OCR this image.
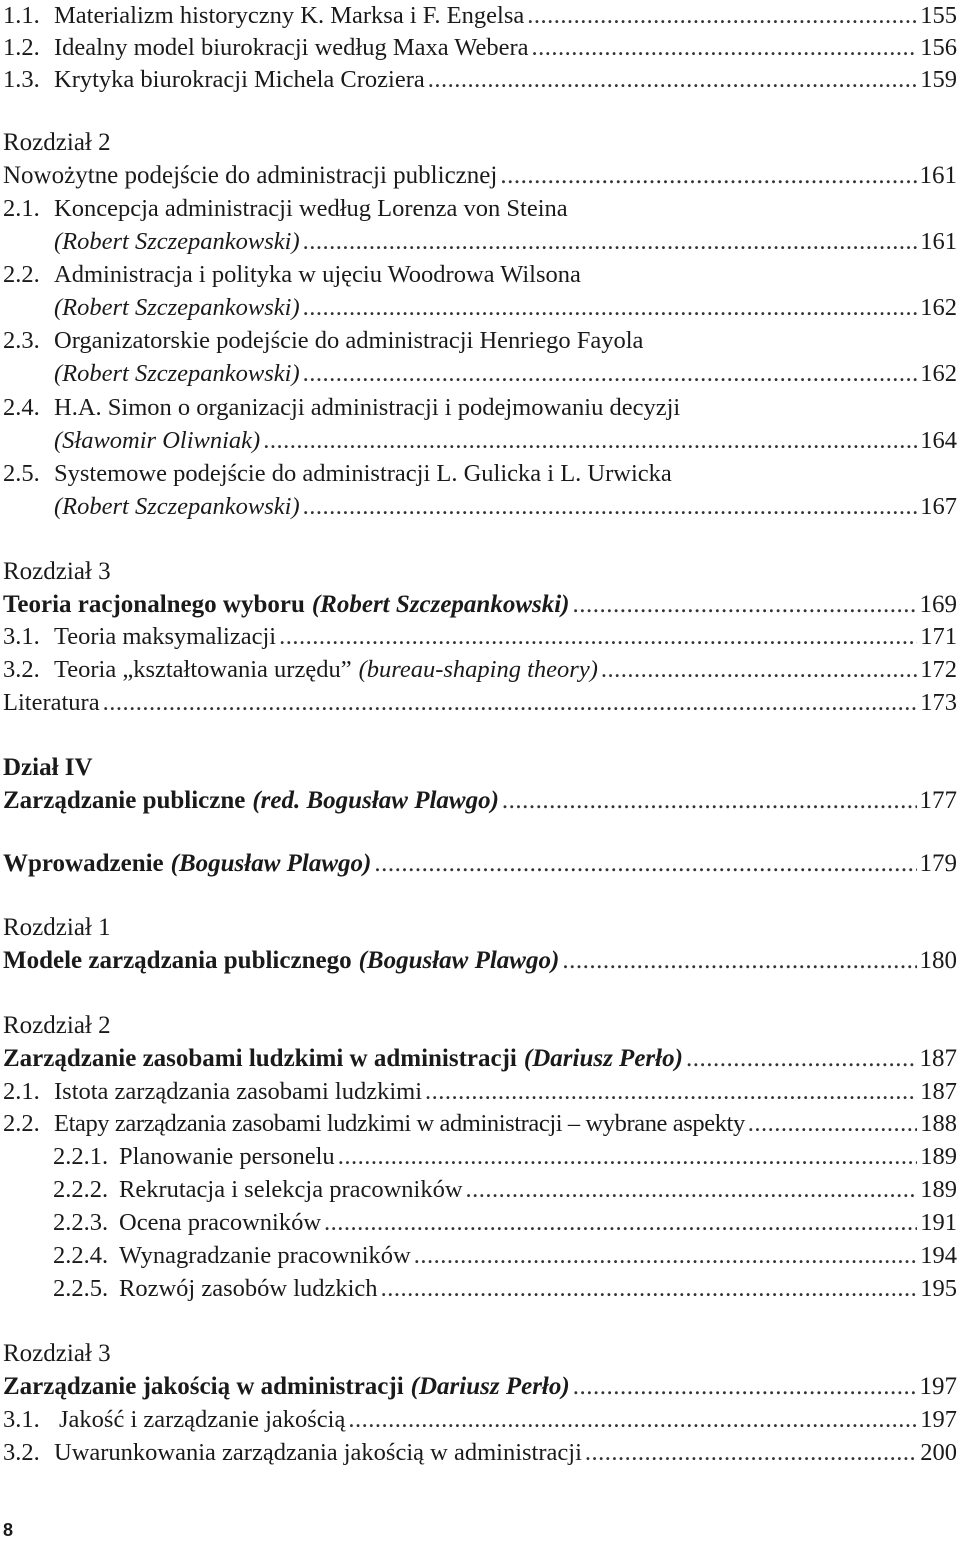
1.1. Materializm historyczny K. Marksa i F. Engelsa .....	155
1.2. Idealny model biurokracji według Maxa Webera .....	156
1.3. Krytyka biurokracji Michela Croziera .....	159
Rozdział 2
Nowożytne podejście do administracji publicznej .....	161
2.1. Koncepcja administracji według Lorenza von Steina
(Robert Szczepankowski) .....	161
2.2. Administracja i polityka w ujęciu Woodrowa Wilsona
(Robert Szczepankowski) .....	162
2.3. Organizatorskie podejście do administracji Henriego Fayola
(Robert Szczepankowski) .....	162
2.4. H.A. Simon o organizacji administracji i podejmowaniu decyzji
(Sławomir Oliwniak) .....	164
2.5. Systemowe podejście do administracji L. Gulicka i L. Urwicka
(Robert Szczepankowski) .....	167
Rozdział 3
Teoria racjonalnego wyboru (Robert Szczepankowski) .....	169
3.1. Teoria maksymalizacji .....	171
3.2. Teoria „kształtowania urzędu” (bureau-shaping theory) .....	172
Literatura .....	173
Dział IV
Zarządzanie publiczne (red. Bogusław Plawgo) .....	177
Wprowadzenie (Bogusław Plawgo) .....	179
Rozdział 1
Modele zarządzania publicznego (Bogusław Plawgo) .....	180
Rozdział 2
Zarządzanie zasobami ludzkimi w administracji (Dariusz Perło) .....	187
2.1. Istota zarządzania zasobami ludzkimi .....	187
2.2. Etapy zarządzania zasobami ludzkimi w administracji – wybrane aspekty .....	188
2.2.1. Planowanie personelu .....	189
2.2.2. Rekrutacja i selekcja pracowników .....	189
2.2.3. Ocena pracowników .....	191
2.2.4. Wynagradzanie pracowników .....	194
2.2.5. Rozwój zasobów ludzkich .....	195
Rozdział 3
Zarządzanie jakością w administracji (Dariusz Perło) .....	197
3.1. Jakość i zarządzanie jakością .....	197
3.2. Uwarunkowania zarządzania jakością w administracji .....	200
8
